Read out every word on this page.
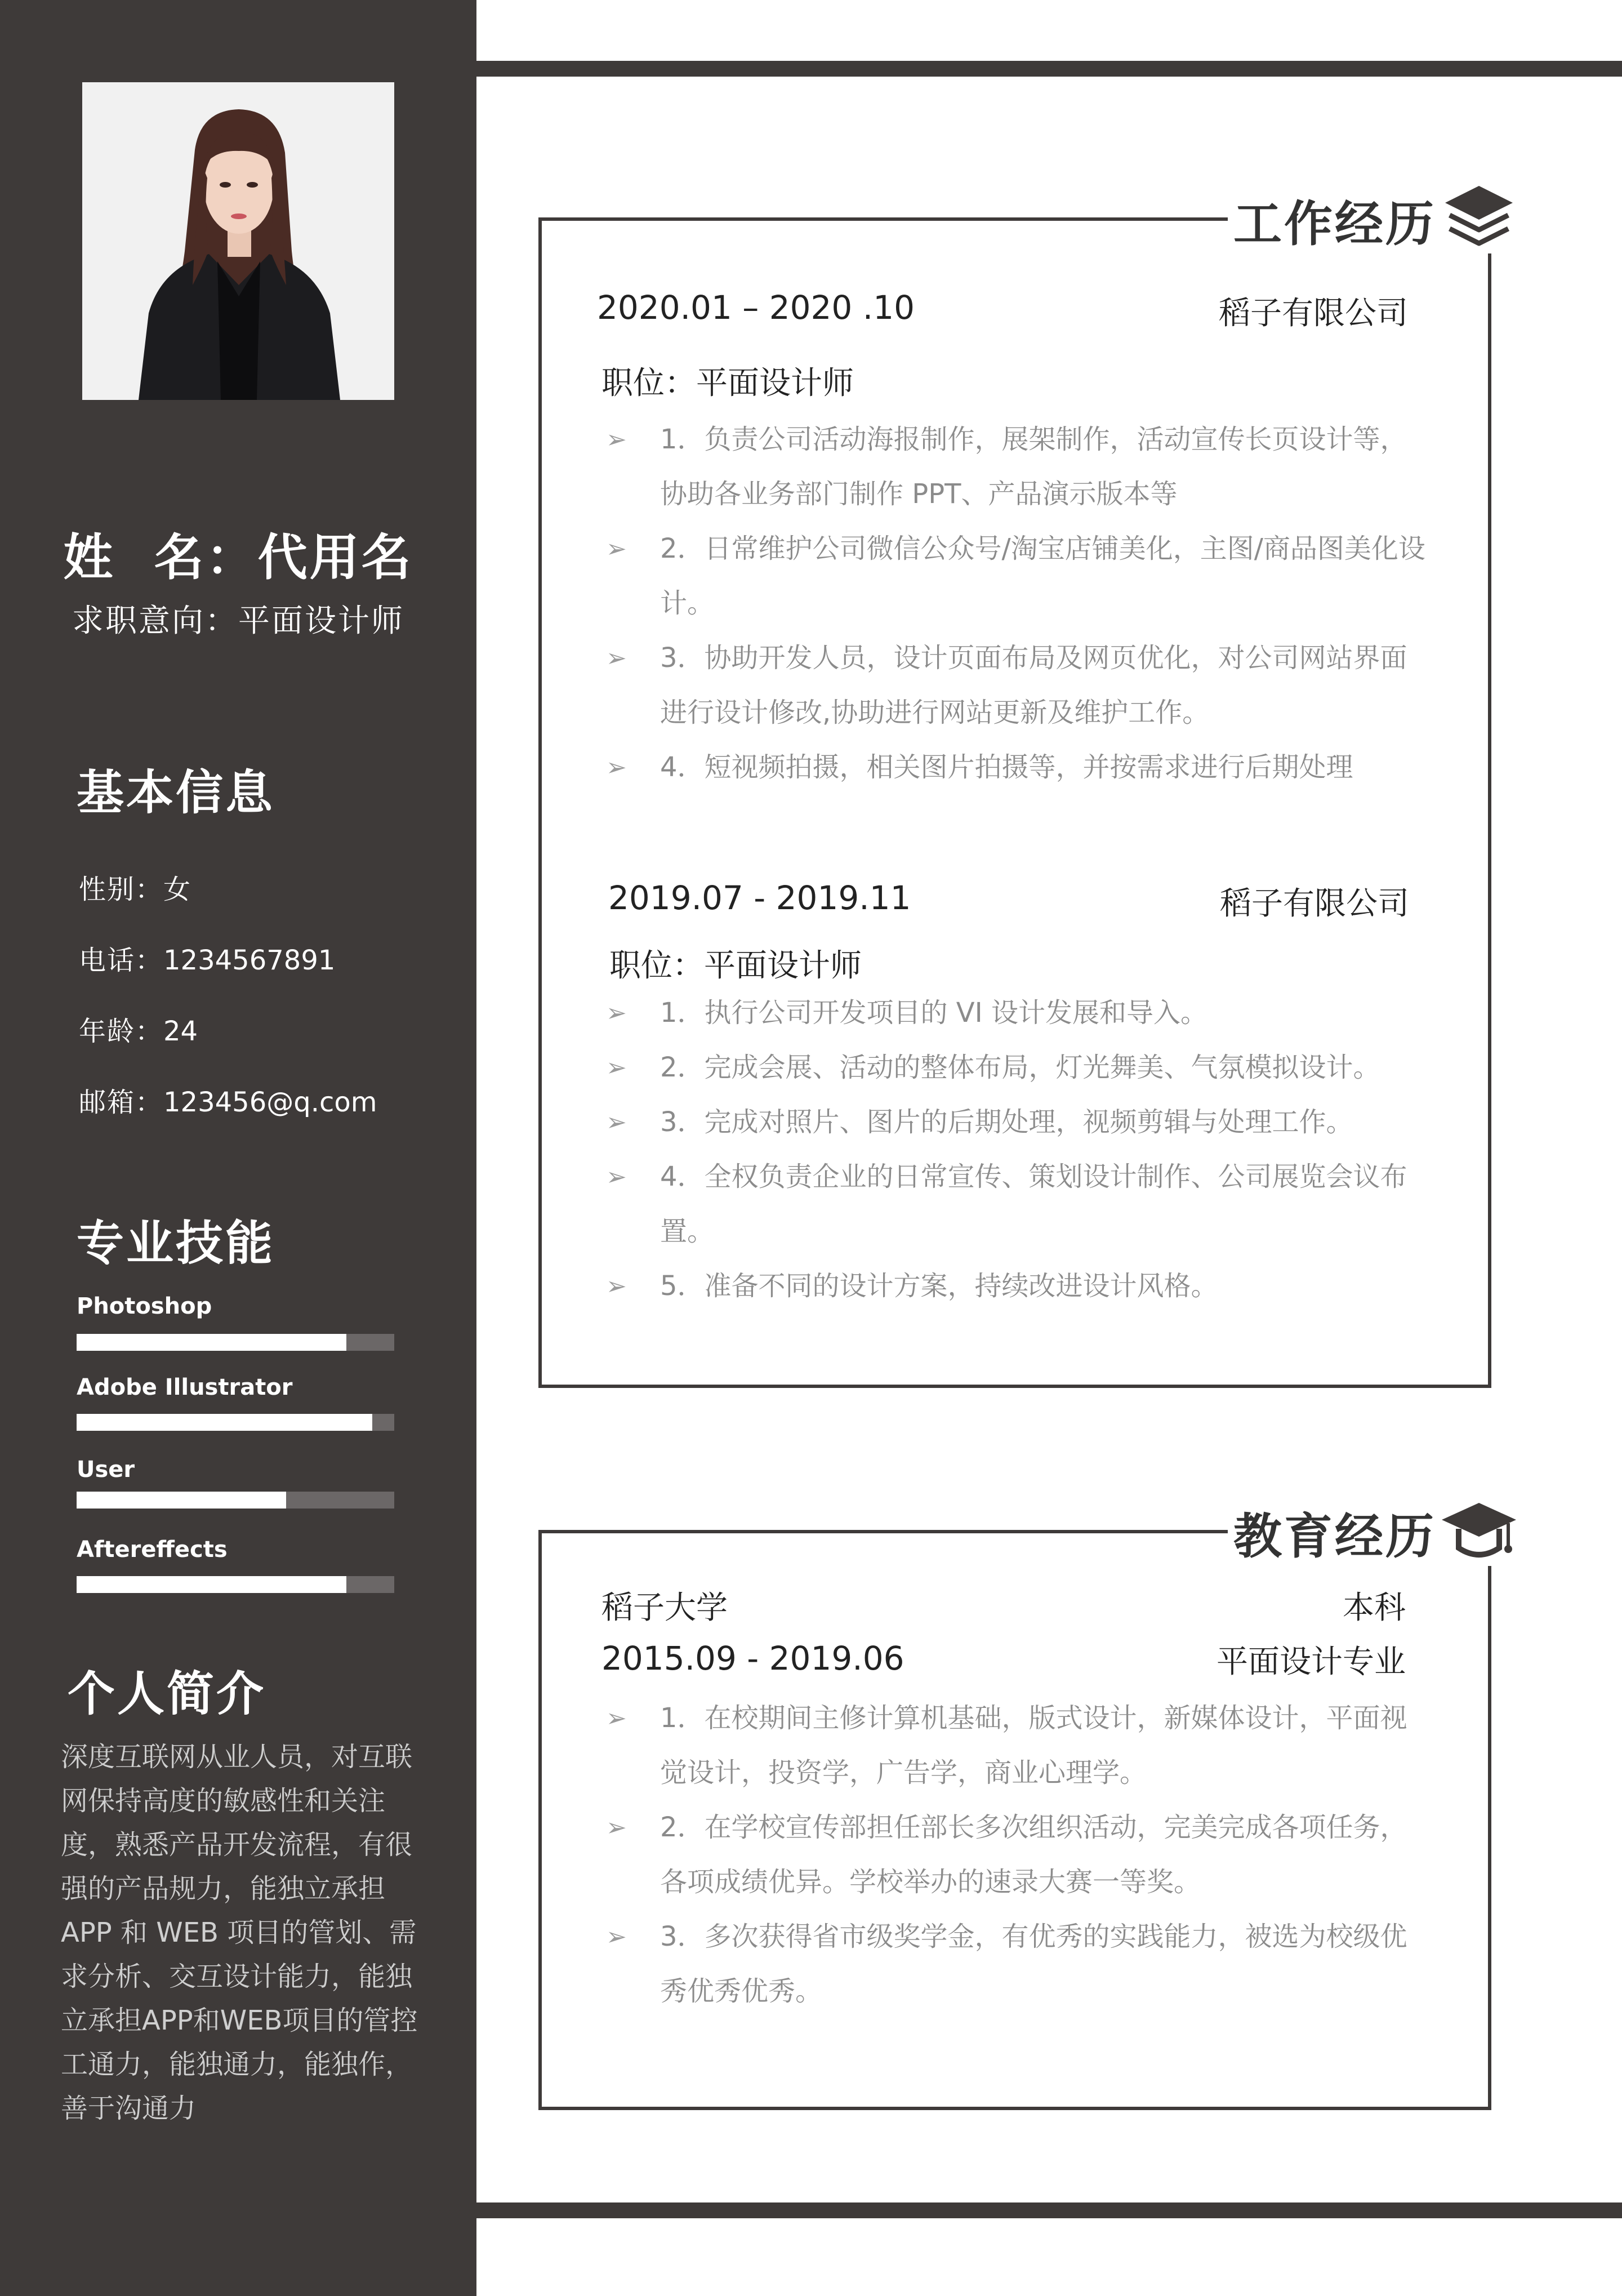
姓  名：代用名
求职意向：平面设计师
基本信息
性别：女
电话：1234567891
年龄：24
邮箱：123456@q.com
专业技能
Photoshop
Adobe Illustrator
User
Aftereffects
个人简介
深度互联网从业人员，对互联网保持高度的敏感性和关注度，熟悉产品开发流程，有很强的产品规力，能独立承担APP 和 WEB 项目的管划、需求分析、交互设计能力，能独立承担APP和WEB项目的管控工通力，能独通力，能独作，善于沟通力
工作经历
2020.01 – 2020 .10	稻子有限公司
职位：平面设计师
➢ 1．负责公司活动海报制作，展架制作，活动宣传长页设计等，协助各业务部门制作 PPT、产品演示版本等
➢ 2．日常维护公司微信公众号/淘宝店铺美化，主图/商品图美化设计。
➢ 3．协助开发人员，设计页面布局及网页优化，对公司网站界面进行设计修改,协助进行网站更新及维护工作。
➢ 4．短视频拍摄，相关图片拍摄等，并按需求进行后期处理
2019.07 - 2019.11	稻子有限公司
职位：平面设计师
➢ 1．执行公司开发项目的 VI 设计发展和导入。
➢ 2．完成会展、活动的整体布局，灯光舞美、气氛模拟设计。
➢ 3．完成对照片、图片的后期处理，视频剪辑与处理工作。
➢ 4．全权负责企业的日常宣传、策划设计制作、公司展览会议布置。
➢ 5．准备不同的设计方案，持续改进设计风格。
教育经历
稻子大学	本科
2015.09 - 2019.06	平面设计专业
➢ 1．在校期间主修计算机基础，版式设计，新媒体设计，平面视觉设计，投资学，广告学，商业心理学。
➢ 2．在学校宣传部担任部长多次组织活动，完美完成各项任务，各项成绩优异。学校举办的速录大赛一等奖。
➢ 3．多次获得省市级奖学金，有优秀的实践能力，被选为校级优秀优秀优秀。
